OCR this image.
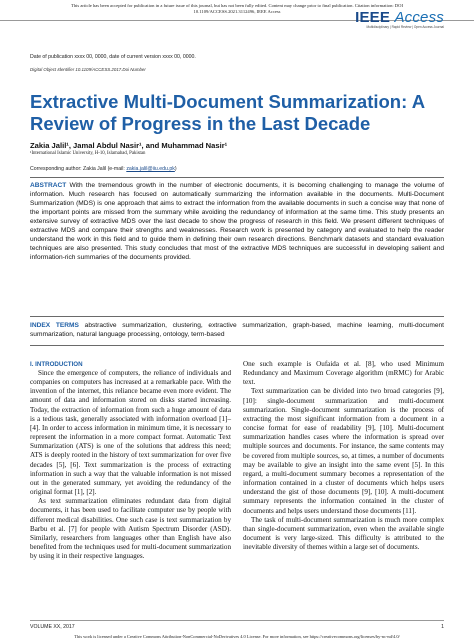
This article has been accepted for publication in a future issue of this journal, but has not been fully edited. Content may change prior to final publication. Citation information: DOI
10.1109/ACCESS.2021.3112496, IEEE Access	IEEE Access
Multidisciplinary | Rapid Review | Open Access Journal
Date of publication xxxx 00, 0000, date of current version xxxx 00, 0000.
Digital Object Identifier 10.1109/ACCESS.2017.Doi Number
Extractive Multi-Document Summarization: A Review of Progress in the Last Decade
Zakia Jalil¹, Jamal Abdul Nasir¹, and Muhammad Nasir¹
¹International Islamic University, H-10, Islamabad, Pakistan
Corresponding author: Zakia Jalil (e-mail: zakia.jalil@iiu.edu.pk)
ABSTRACT With the tremendous growth in the number of electronic documents, it is becoming challenging to manage the volume of information. Much research has focused on automatically summarizing the information available in the documents. Multi-Document Summarization (MDS) is one approach that aims to extract the information from the available documents in such a concise way that none of the important points are missed from the summary while avoiding the redundancy of information at the same time. This study presents an extensive survey of extractive MDS over the last decade to show the progress of research in this field. We present different techniques of extractive MDS and compare their strengths and weaknesses. Research work is presented by category and evaluated to help the reader understand the work in this field and to guide them in defining their own research directions. Benchmark datasets and standard evaluation techniques are also presented. This study concludes that most of the extractive MDS techniques are successful in developing salient and information-rich summaries of the documents provided.
INDEX TERMS abstractive summarization, clustering, extractive summarization, graph-based, machine learning, multi-document summarization, natural language processing, ontology, term-based
I. INTRODUCTION

Since the emergence of computers, the reliance of individuals and companies on computers has increased at a remarkable pace. With the invention of the internet, this reliance became even more evident. The amount of data and information stored on disks started increasing. Today, the extraction of information from such a huge amount of data is a tedious task, generally associated with information overload [1]–[4]. In order to access information in minimum time, it is necessary to represent the information in a more compact format. Automatic Text Summarization (ATS) is one of the solutions that address this need; ATS is deeply rooted in the history of text summarization for over five decades [5], [6]. Text summarization is the process of extracting information in such a way that the valuable information is not missed out in the generated summary, yet avoiding the redundancy of the original format [1], [2].

As text summarization eliminates redundant data from digital documents, it has been used to facilitate computer use by people with different medical disabilities. One such case is text summarization by Barbu et al. [7] for people with Autism Spectrum Disorder (ASD). Similarly, researchers from languages other than English have also benefited from the techniques used for multi-document summarization by using it in their respective languages.

One such example is Oufaida et al. [8], who used Minimum Redundancy and Maximum Coverage algorithm (mRMC) for Arabic text.

Text summarization can be divided into two broad categories [9], [10]: single-document summarization and multi-document summarization. Single-document summarization is the process of extracting the most significant information from a document in a concise format for ease of readability [9], [10]. Multi-document summarization handles cases where the information is spread over multiple sources and documents. For instance, the same contents may be covered from multiple sources, so, at times, a number of documents may be available to give an insight into the same event [5]. In this regard, a multi-document summary becomes a representation of the information contained in a cluster of documents which helps users understand the gist of those documents [9], [10]. A multi-document summary represents the information contained in the cluster of documents and helps users understand those documents [11].

The task of multi-document summarization is much more complex than single-document summarization, even when the available single document is very large-sized. This difficulty is attributed to the inevitable diversity of themes within a large set of documents.

VOLUME XX, 2017	1
This work is licensed under a Creative Commons Attribution-NonCommercial-NoDerivatives 4.0 License. For more information, see https://creativecommons.org/licenses/by-nc-nd/4.0/
